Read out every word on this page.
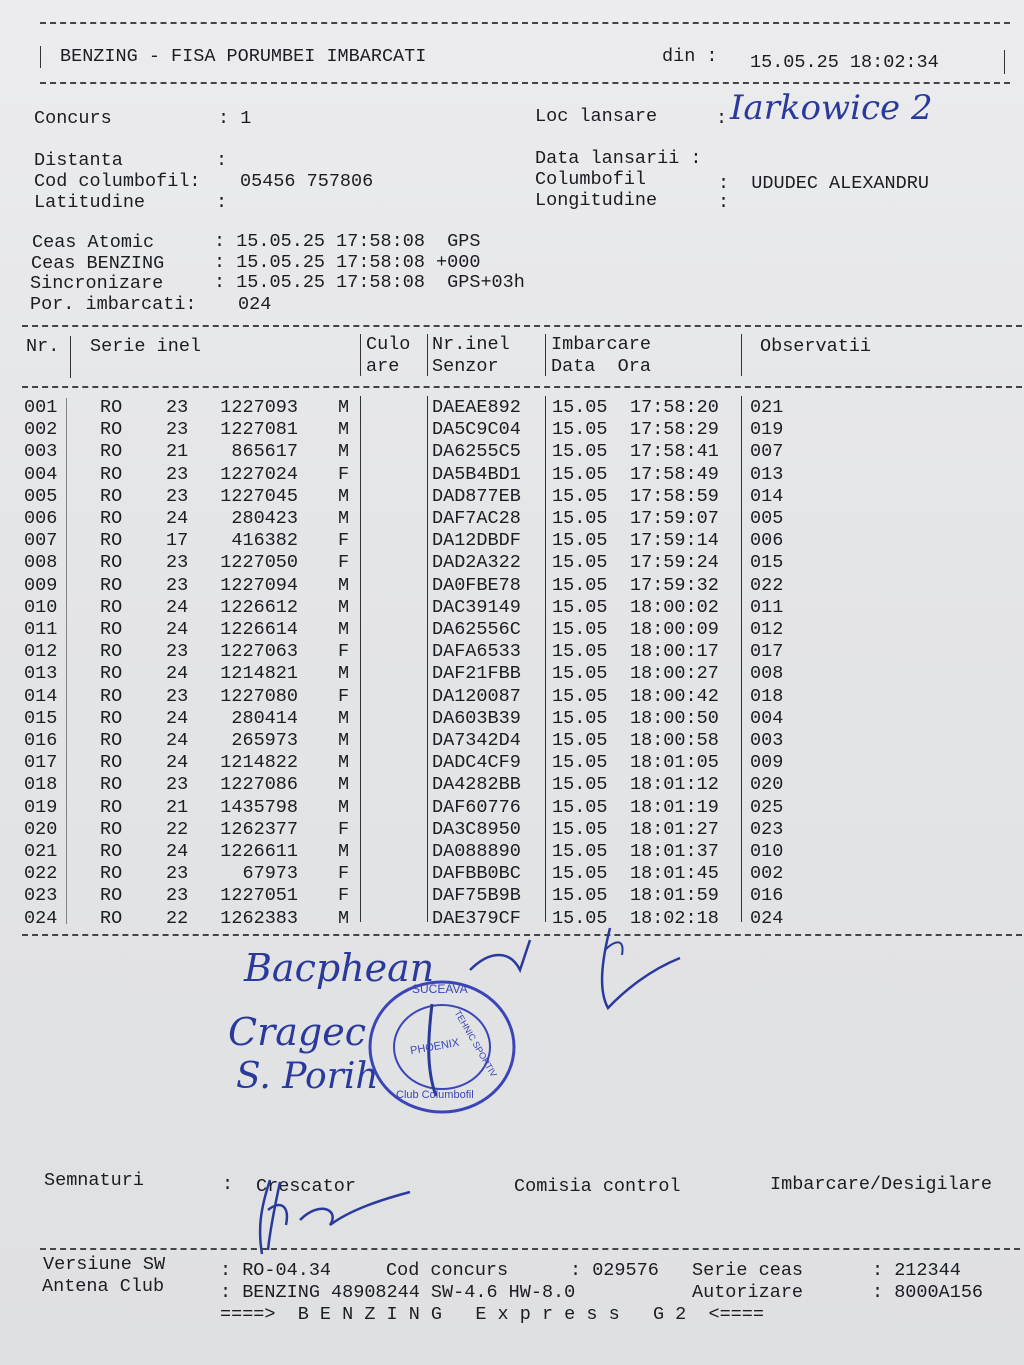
BENZING - FISA PORUMBEI IMBARCATI	din : 15.05.25 18:02:34
Concurs	: 1	Loc lansare	: Iarkowice 2
Distanta	:	Data lansarii :
Cod columbofil: 05456 757806	Columbofil	:  UDUDEC ALEXANDRU
Latitudine	:	Longitudine	:
Ceas Atomic	: 15.05.25 17:58:08  GPS
Ceas BENZING	: 15.05.25 17:58:08 +000
Sincronizare	: 15.05.25 17:58:08  GPS+03h
Por. imbarcati: 024
Nr. Serie inel	Culo
are
Nr.inel
Senzor
Imbarcare
Data  Ora
Observatii
001 RO 23 1227093 M	DAEAE892 15.05 17:58:20 021
002 RO 23 1227081 M	DA5C9C04 15.05 17:58:29 019
003 RO 21 865617 M	DA6255C5 15.05 17:58:41 007
004 RO 23 1227024 F	DA5B4BD1 15.05 17:58:49 013
005 RO 23 1227045 M	DAD877EB 15.05 17:58:59 014
006 RO 24 280423 M	DAF7AC28 15.05 17:59:07 005
007 RO 17 416382 F	DA12DBDF 15.05 17:59:14 006
008 RO 23 1227050 F	DAD2A322 15.05 17:59:24 015
009 RO 23 1227094 M	DA0FBE78 15.05 17:59:32 022
010 RO 24 1226612 M	DAC39149 15.05 18:00:02 011
011 RO 24 1226614 M	DA62556C 15.05 18:00:09 012
012 RO 23 1227063 F	DAFA6533 15.05 18:00:17 017
013 RO 24 1214821 M	DAF21FBB 15.05 18:00:27 008
014 RO 23 1227080 F	DA120087 15.05 18:00:42 018
015 RO 24 280414 M	DA603B39 15.05 18:00:50 004
016 RO 24 265973 M	DA7342D4 15.05 18:00:58 003
017 RO 24 1214822 M	DADC4CF9 15.05 18:01:05 009
018 RO 23 1227086 M	DA4282BB 15.05 18:01:12 020
019 RO 21 1435798 M	DAF60776 15.05 18:01:19 025
020 RO 22 1262377 F	DA3C8950 15.05 18:01:27 023
021 RO 24 1226611 M	DA088890 15.05 18:01:37 010
022 RO 23	67973 F	DAFBB0BC 15.05 18:01:45 002
023 RO 23 1227051 F	DAF75B9B 15.05 18:01:59 016
024 RO 22 1262383 M	DAE379CF 15.05 18:02:18 024
Bacphean
Cragec
S. Porih
SUCEAVA
TEHNIC SPORTIV
PHOENIX
Club Columbofil
Semnaturi	: Crescator	Comisia control	Imbarcare/Desigilare
Versiune SW	: RO-04.34	Cod concurs	: 029576 Serie ceas	: 212344
Antena Club	: BENZING 48908244 SW-4.6 HW-8.0	Autorizare	: 8000A156
====>  B E N Z I N G   E x p r e s s   G 2  <====
